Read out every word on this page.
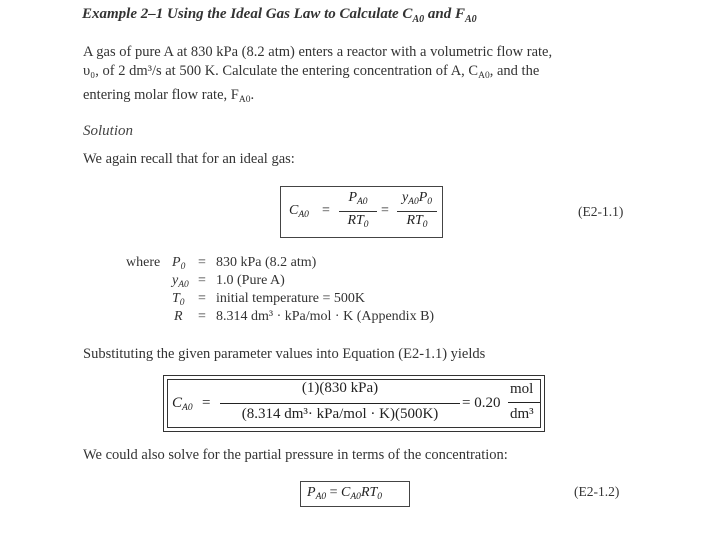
Example 2–1 Using the Ideal Gas Law to Calculate $C_{A0}$ and $F_{A0}$
A gas of pure A at 830 kPa (8.2 atm) enters a reactor with a volumetric flow rate,
υ₀, of 2 dm³/s at 500 K. Calculate the entering concentration of A, $C_{A0}$, and the
entering molar flow rate, $F_{A0}$.
Solution
We again recall that for an ideal gas:
$C_{A0}$ =
$P_{A0}$
$RT_0$
=
$y_{A0}P_0$
$RT_0$
(E2-1.1)
where $P_0 = 830$ kPa (8.2 atm)
$y_{A0} = 1.0$ (Pure A)
$T_0$ = initial temperature = 500K
R = 8.314 dm³ · kPa/mol · K (Appendix B)
Substituting the given parameter values into Equation (E2-1.1) yields
$C_{A0}$ =
(1)(830 kPa)
(8.314 dm³· kPa/mol · K)(500K)
= 0.20
mol
dm³
We could also solve for the partial pressure in terms of the concentration:
$P_{A0} = C_{A0}RT_0$	(E2-1.2)
